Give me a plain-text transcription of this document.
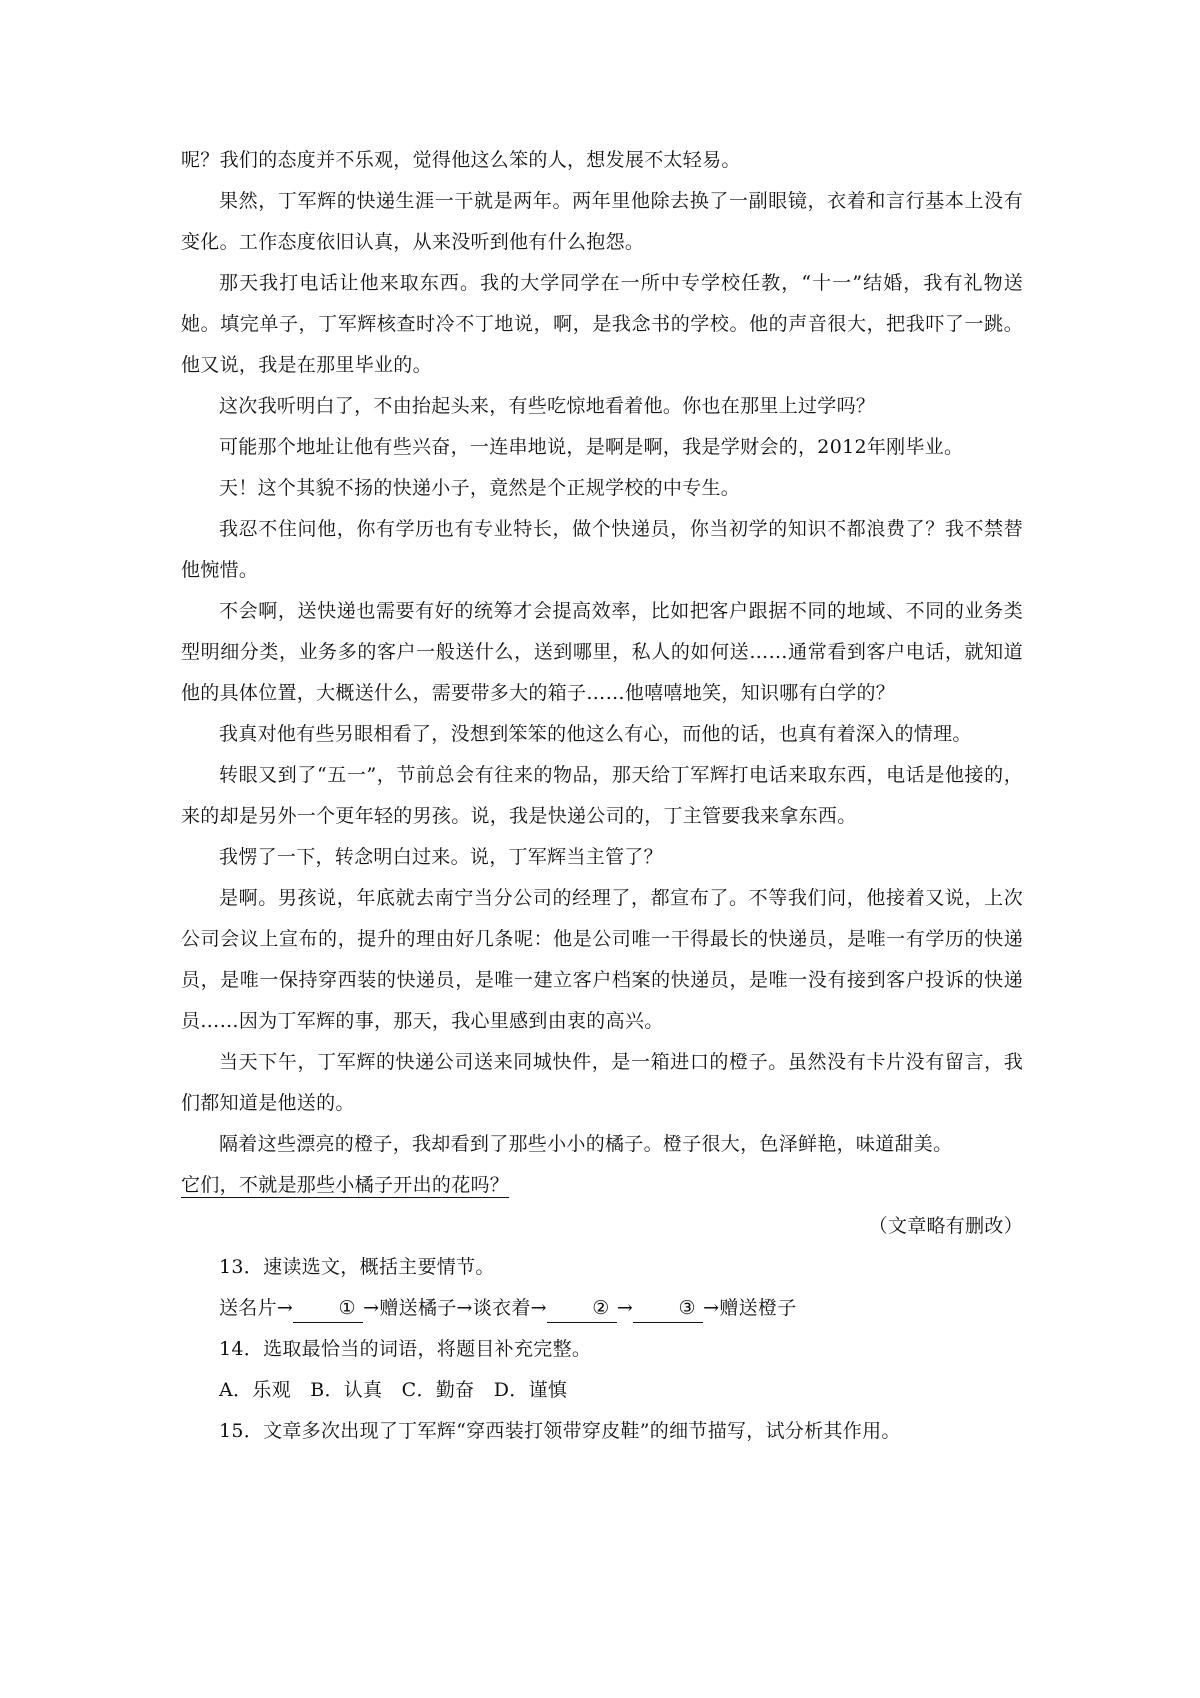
呢？我们的态度并不乐观，觉得他这么笨的人，想发展不太轻易。

果然，丁军辉的快递生涯一干就是两年。两年里他除去换了一副眼镜，衣着和言行基本上没有变化。工作态度依旧认真，从来没听到他有什么抱怨。

那天我打电话让他来取东西。我的大学同学在一所中专学校任教，“十一”结婚，我有礼物送她。填完单子，丁军辉核查时冷不丁地说，啊，是我念书的学校。他的声音很大，把我吓了一跳。他又说，我是在那里毕业的。

这次我听明白了，不由抬起头来，有些吃惊地看着他。你也在那里上过学吗？

可能那个地址让他有些兴奋，一连串地说，是啊是啊，我是学财会的，2012年刚毕业。

天！这个其貌不扬的快递小子，竟然是个正规学校的中专生。

我忍不住问他，你有学历也有专业特长，做个快递员，你当初学的知识不都浪费了？我不禁替他惋惜。

不会啊，送快递也需要有好的统筹才会提高效率，比如把客户跟据不同的地域、不同的业务类型明细分类，业务多的客户一般送什么，送到哪里，私人的如何送……通常看到客户电话，就知道他的具体位置，大概送什么，需要带多大的箱子……他嘻嘻地笑，知识哪有白学的？

我真对他有些另眼相看了，没想到笨笨的他这么有心，而他的话，也真有着深入的情理。

转眼又到了“五一”，节前总会有往来的物品，那天给丁军辉打电话来取东西，电话是他接的，来的却是另外一个更年轻的男孩。说，我是快递公司的，丁主管要我来拿东西。

我愣了一下，转念明白过来。说，丁军辉当主管了？

是啊。男孩说，年底就去南宁当分公司的经理了，都宣布了。不等我们问，他接着又说，上次公司会议上宣布的，提升的理由好几条呢：他是公司唯一干得最长的快递员，是唯一有学历的快递员，是唯一保持穿西装的快递员，是唯一建立客户档案的快递员，是唯一没有接到客户投诉的快递员……因为丁军辉的事，那天，我心里感到由衷的高兴。

当天下午，丁军辉的快递公司送来同城快件，是一箱进口的橙子。虽然没有卡片没有留言，我们都知道是他送的。

隔着这些漂亮的橙子，我却看到了那些小小的橘子。橙子很大，色泽鲜艳，味道甜美。

它们，不就是那些小橘子开出的花吗？

（文章略有删改）

13．速读选文，概括主要情节。

送名片→ ① →赠送橘子→谈衣着→ ② → ③ →赠送橙子

14．选取最恰当的词语，将题目补充完整。

A．乐观　B．认真　C．勤奋　D．谨慎

15．文章多次出现了丁军辉“穿西装打领带穿皮鞋”的细节描写，试分析其作用。
